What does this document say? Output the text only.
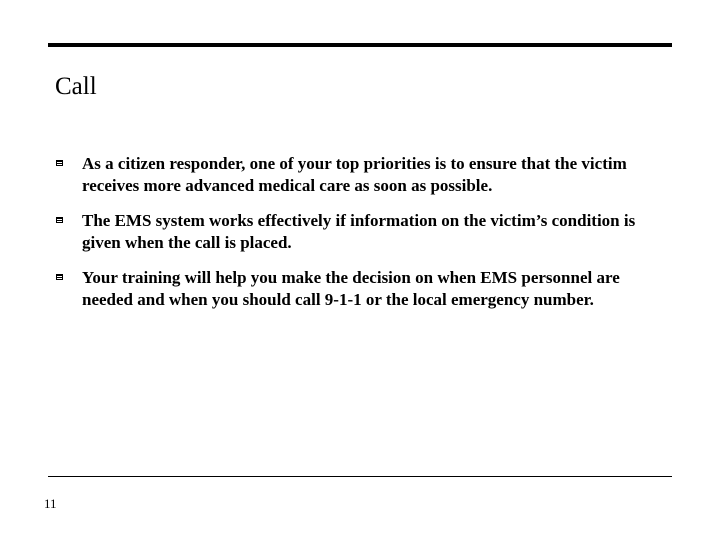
Call
As a citizen responder, one of your top priorities is to ensure that the victim receives more advanced medical care as soon as possible.
The EMS system works effectively if information on the victim’s condition is given when the call is placed.
Your training will help you make the decision on when EMS personnel are needed and when you should call 9-1-1 or the local emergency number.
11
